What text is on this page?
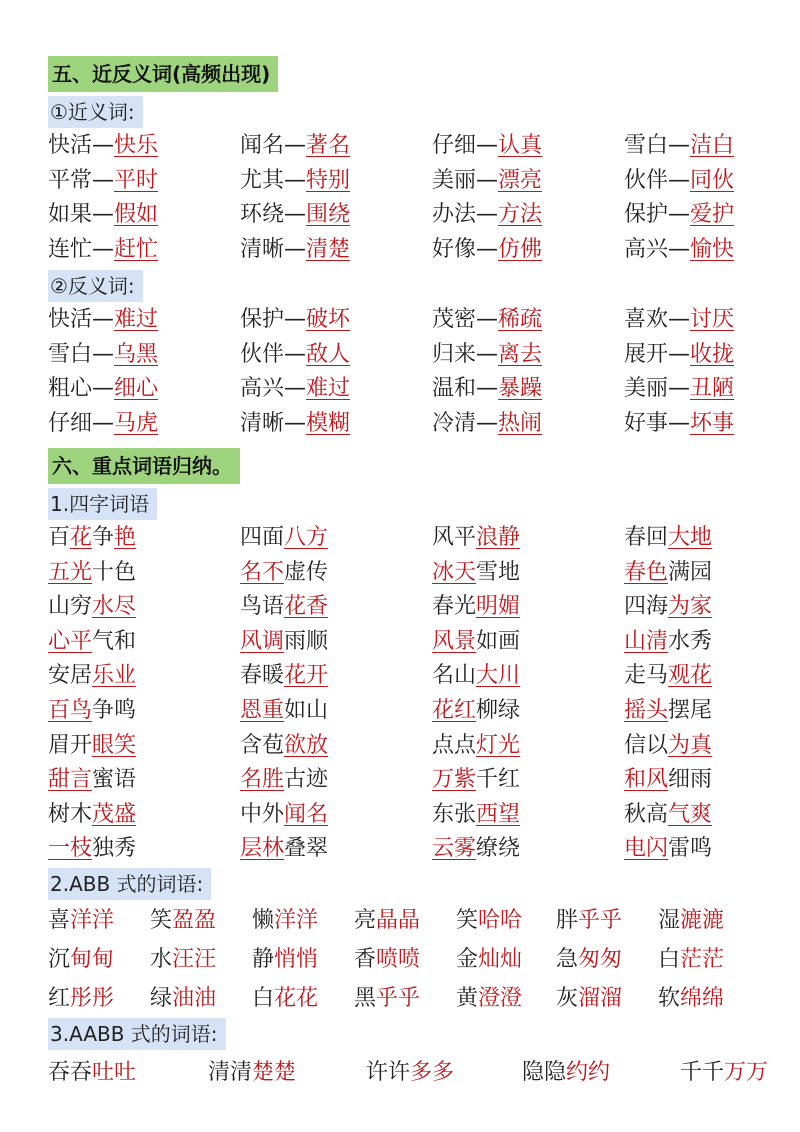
五、近反义词(高频出现)
①近义词:
快活—快乐	闻名—著名	仔细—认真	雪白—洁白
平常—平时	尤其—特别	美丽—漂亮	伙伴—同伙
如果—假如	环绕—围绕	办法—方法	保护—爱护
连忙—赶忙	清晰—清楚	好像—仿佛	高兴—愉快
②反义词:
快活—难过	保护—破坏	茂密—稀疏	喜欢—讨厌
雪白—乌黑	伙伴—敌人	归来—离去	展开—收拢
粗心—细心	高兴—难过	温和—暴躁	美丽—丑陋
仔细—马虎	清晰—模糊	冷清—热闹	好事—坏事
六、重点词语归纳。
1.四字词语
百花争艳	四面八方	风平浪静	春回大地
五光十色	名不虚传	冰天雪地	春色满园
山穷水尽	鸟语花香	春光明媚	四海为家
心平气和	风调雨顺	风景如画	山清水秀
安居乐业	春暖花开	名山大川	走马观花
百鸟争鸣	恩重如山	花红柳绿	摇头摆尾
眉开眼笑	含苞欲放	点点灯光	信以为真
甜言蜜语	名胜古迹	万紫千红	和风细雨
树木茂盛	中外闻名	东张西望	秋高气爽
一枝独秀	层林叠翠	云雾缭绕	电闪雷鸣
2.ABB 式的词语:
喜洋洋 笑盈盈 懒洋洋 亮晶晶 笑哈哈 胖乎乎 湿漉漉
沉甸甸 水汪汪 静悄悄 香喷喷 金灿灿 急匆匆 白茫茫
红彤彤 绿油油 白花花 黑乎乎 黄澄澄 灰溜溜 软绵绵
3.AABB 式的词语:
吞吞吐吐	清清楚楚	许许多多	隐隐约约	千千万万
